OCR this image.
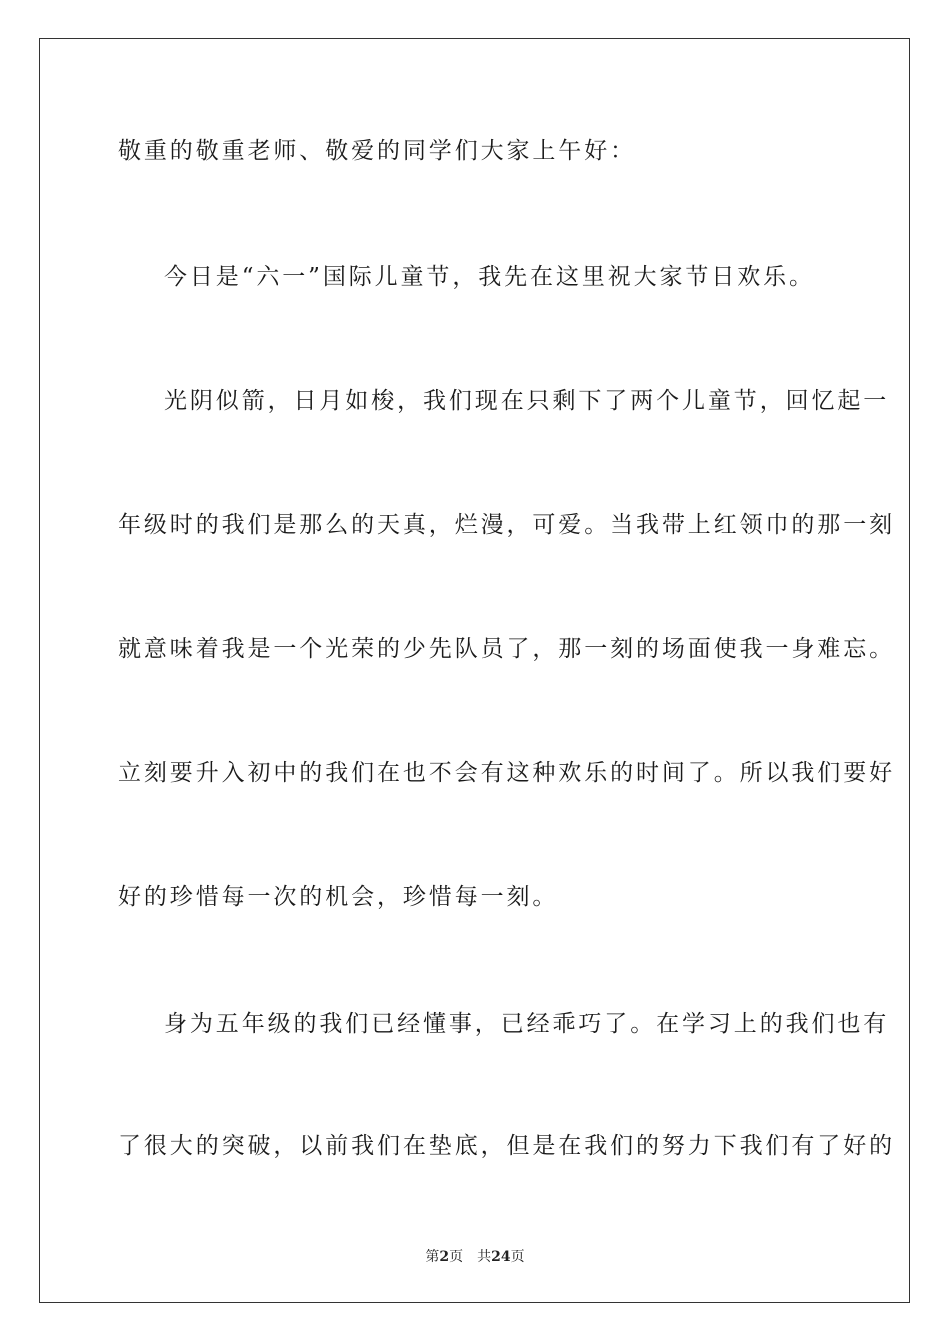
敬重的敬重老师、敬爱的同学们大家上午好：
今日是“六一”国际儿童节，我先在这里祝大家节日欢乐。
光阴似箭，日月如梭，我们现在只剩下了两个儿童节，回忆起一
年级时的我们是那么的天真，烂漫，可爱。当我带上红领巾的那一刻
就意味着我是一个光荣的少先队员了，那一刻的场面使我一身难忘。
立刻要升入初中的我们在也不会有这种欢乐的时间了。所以我们要好
好的珍惜每一次的机会，珍惜每一刻。
身为五年级的我们已经懂事，已经乖巧了。在学习上的我们也有
了很大的突破，以前我们在垫底，但是在我们的努力下我们有了好的
第2页 共24页
